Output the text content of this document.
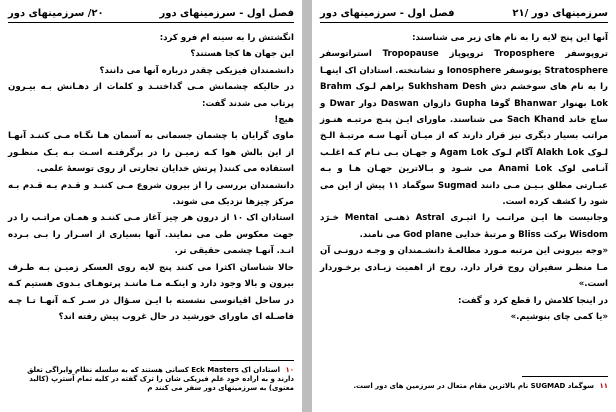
فصل اول - سرزمینهای دور
۲۰/ سرزمینهای دور

انگشتش را به سینه ام فرو کرد:

این جهان ها کجا هستند؟

دانشمندان فیزیکی چقدر درباره آنها می دانند؟

در حالیکه چشمانش مـی گداختنـد و کلمات از دهـانش بـه بیـرون پرتاب می شدند گفت:

هیچ!

ماوی گرایان با چشمان جسمانی به آسمان هـا نگـاه مـی کننـد آنهـا از این بالش هوا کـه زمیـن را در برگرفتـه اسـت بـه یـک منظـور استفاده می کنند( پرتش خدایان تجارتی از روی توسعۀ علمی.

دانشمندان بررسی را از بیرون شروع مـی کننـد و قـدم بـه قـدم بـه مرکز چیزها نزدیک می شوند.

استادان اک ۱۰ از درون هر چیز آغاز مـی کننـد و همـان مراتـب را در جهت معکوس طی می نمایند. آنها بسیاری از اسـرار را بـی بـرده انـد. آنهـا چشمی حقیقی تر.

حالا شناسان اکثرا می کنند پنج لایه روی العسکر زمیـن بـه طـرف بیرون و بالا وجود دارد و اینکـه مـا ماننـد پرتوهـای بـدوی هستیم کـه در ساحل اقیانوسی نشسته با ایـن سـؤال در سـر کـه آنهـا تـا چـه فاصـله ای ماورای خورشید در حال غروب پیش رفته اند؟

۱۰ استادان اک Eck Masters کسانی هستند که به سلسله نظام وایراگی تعلق دارند و به اراده خود علم فیزیکی شان را ترک گفته در کلیه تمام آسترپ (کالبد معنوی) به سرزمینهای دور سفر می کنند م
سرزمینهای دور /۲۱
فصل اول - سرزمینهای دور

آنها این پنج لایه را به نام های زیر می شناسند:

تروپوسفر Troposphere تروپوپاز Tropopause استراتوسفر Stratosphere یونوسفر Ionosphere و تشانتخته. استادان اک اینهـا را به نام های سوخشم دش Sukhsham Desh براهم لـوک Brahm Lok بهنوار Bhanwar گوفا Gupha دازوان Daswan دوار Dwar و ساچ خاند Sach Khand می شناسند. ماورای ایـن پنـج مرتبـه هنـوز مراتب بسیار دیگری نیز قرار دارند که از میـان آنهـا سـه مرتبـۀ الـخ لـوک Alakh Lok آگام لـوک Agam Lok و جهـان بـی نـام کـه اغلـب آنـامی لوک Anami Lok می شـود و بـالاترین جهـان هـا و بـه عبـارتی مطلق بـیـن مـی دانند Sugmad سوگماد ۱۱ پیش از این می شود را کشف کرده است.

وجانیست ها ایـن مراتـب را اثیـری Astral ذهنـی Mental خـرَد Wisdom برکت Bliss و مرتبۀ خدایی God plane می نامند.

«وجه بیرونی این مرتبه مـورد مطالعـۀ دانشـمندان و وجـه درونـی آن مـا منظـر سفیران روح قرار دارد. روح از اهمیت زیـادی برخـوردار است.»

در اینجا کلامش را قطع کرد و گفت:

«یا کمی چای بنوشیم.»

۱۱ سوگماد SUGMAD نام بالاترین مقام متعال در سرزمین های دور است.
